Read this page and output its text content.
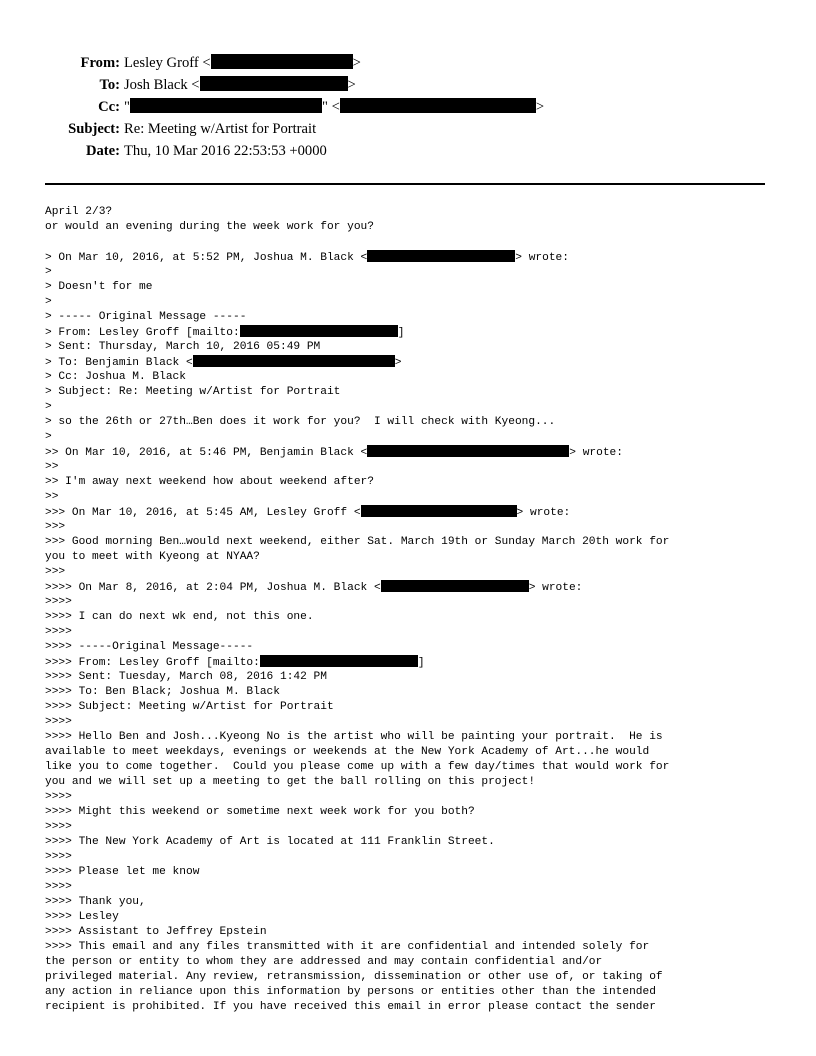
From: Lesley Groff <	>
To: Josh Black <	>
Cc: "	" <	>
Subject: Re: Meeting w/Artist for Portrait
Date: Thu, 10 Mar 2016 22:53:53 +0000
April 2/3?
or would an evening during the week work for you?
> On Mar 10, 2016, at 5:52 PM, Joshua M. Black <	> wrote:
>
> Doesn't for me
>
> ----- Original Message -----
> From: Lesley Groff [mailto:	]
> Sent: Thursday, March 10, 2016 05:49 PM
> To: Benjamin Black <	>
> Cc: Joshua M. Black
> Subject: Re: Meeting w/Artist for Portrait
>
> so the 26th or 27th…Ben does it work for you?  I will check with Kyeong...
>
>> On Mar 10, 2016, at 5:46 PM, Benjamin Black <	> wrote:
>>
>> I'm away next weekend how about weekend after?
>>
>>> On Mar 10, 2016, at 5:45 AM, Lesley Groff <	> wrote:
>>>
>>> Good morning Ben…would next weekend, either Sat. March 19th or Sunday March 20th work for
you to meet with Kyeong at NYAA?
>>>
>>>> On Mar 8, 2016, at 2:04 PM, Joshua M. Black <	> wrote:
>>>>
>>>> I can do next wk end, not this one.
>>>>
>>>> -----Original Message-----
>>>> From: Lesley Groff [mailto:	]
>>>> Sent: Tuesday, March 08, 2016 1:42 PM
>>>> To: Ben Black; Joshua M. Black
>>>> Subject: Meeting w/Artist for Portrait
>>>>
>>>> Hello Ben and Josh...Kyeong No is the artist who will be painting your portrait.  He is
available to meet weekdays, evenings or weekends at the New York Academy of Art...he would
like you to come together.  Could you please come up with a few day/times that would work for
you and we will set up a meeting to get the ball rolling on this project!
>>>>
>>>> Might this weekend or sometime next week work for you both?
>>>>
>>>> The New York Academy of Art is located at 111 Franklin Street.
>>>>
>>>> Please let me know
>>>>
>>>> Thank you,
>>>> Lesley
>>>> Assistant to Jeffrey Epstein
>>>> This email and any files transmitted with it are confidential and intended solely for
the person or entity to whom they are addressed and may contain confidential and/or
privileged material. Any review, retransmission, dissemination or other use of, or taking of
any action in reliance upon this information by persons or entities other than the intended
recipient is prohibited. If you have received this email in error please contact the sender
